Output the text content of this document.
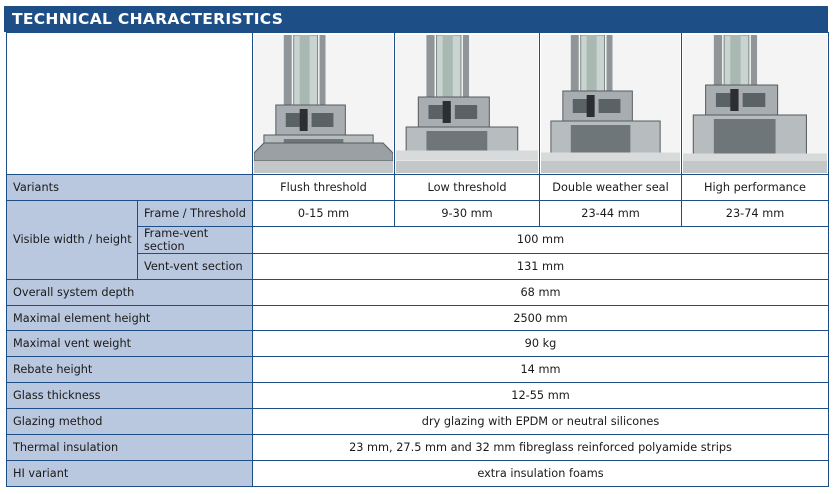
TECHNICAL CHARACTERISTICS

Variants		Flush threshold	Low threshold	Double weather seal	High performance
Visible width / height	Frame / Threshold	0-15 mm	9-30 mm	23-44 mm	23-74 mm
	Frame-vent section	100 mm			
	Vent-vent section	131 mm			
Overall system depth		68 mm			
Maximal element height		2500 mm			
Maximal vent weight		90 kg			
Rebate height		14 mm			
Glass thickness		12-55 mm			
Glazing method		dry glazing with EPDM or neutral silicones			
Thermal insulation		23 mm, 27.5 mm and 32 mm fibreglass reinforced polyamide strips			
HI variant		extra insulation foams			
